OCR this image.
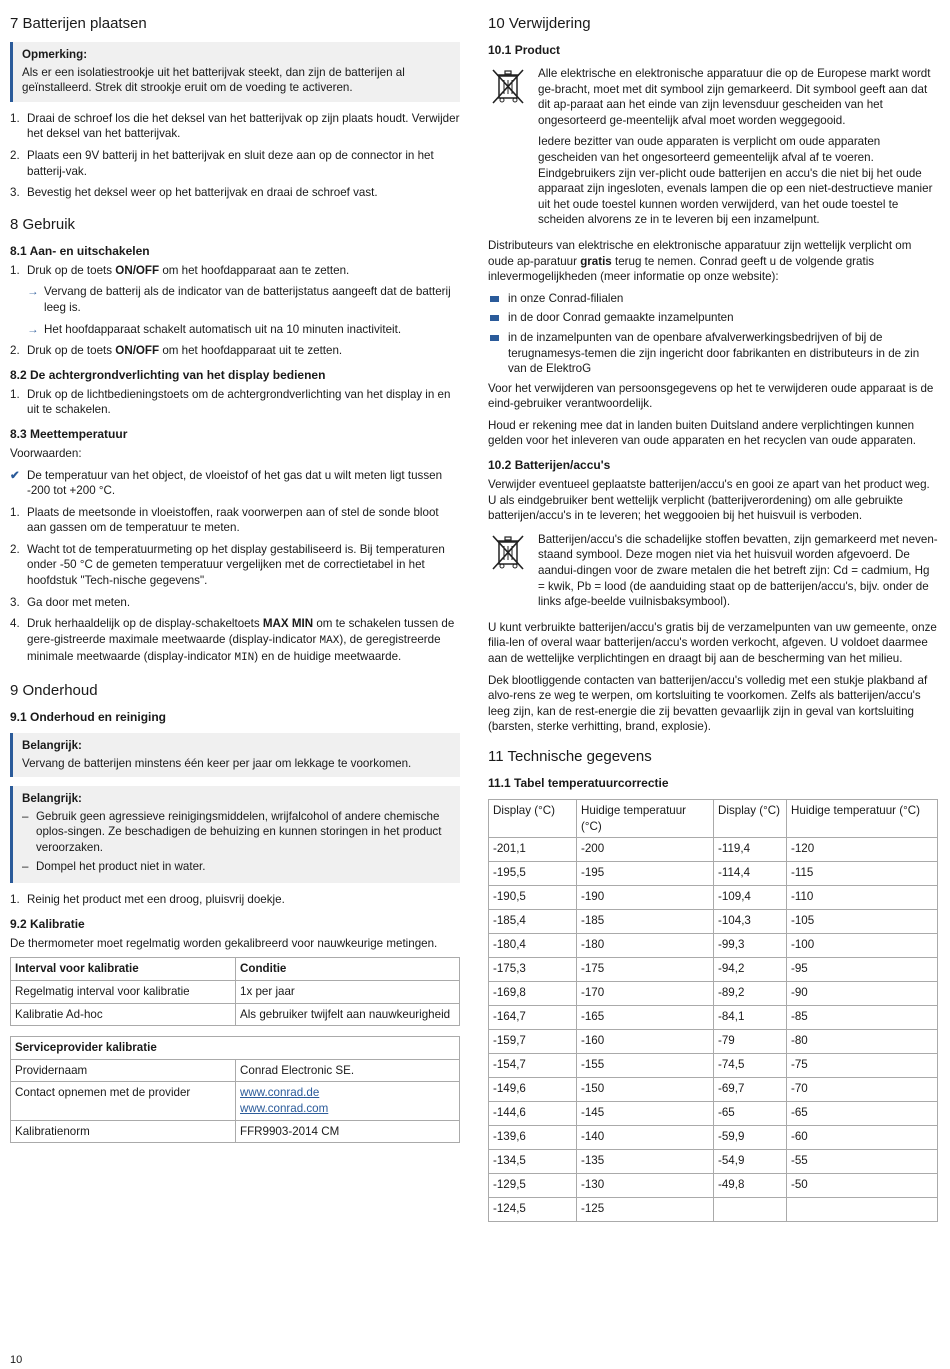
7 Batterijen plaatsen
Opmerking:
Als er een isolatiestrookje uit het batterijvak steekt, dan zijn de batterijen al geïnstalleerd. Strek dit strookje eruit om de voeding te activeren.
1. Draai de schroef los die het deksel van het batterijvak op zijn plaats houdt. Verwijder het deksel van het batterijvak.
2. Plaats een 9V batterij in het batterijvak en sluit deze aan op de connector in het batterij-vak.
3. Bevestig het deksel weer op het batterijvak en draai de schroef vast.
8 Gebruik
8.1 Aan- en uitschakelen
1. Druk op de toets ON/OFF om het hoofdapparaat aan te zetten.
→ Vervang de batterij als de indicator van de batterijstatus aangeeft dat de batterij leeg is.
→ Het hoofdapparaat schakelt automatisch uit na 10 minuten inactiviteit.
2. Druk op de toets ON/OFF om het hoofdapparaat uit te zetten.
8.2 De achtergrondverlichting van het display bedienen
1. Druk op de lichtbedieningstoets om de achtergrondverlichting van het display in en uit te schakelen.
8.3 Meettemperatuur

Voorwaarden:

✔ De temperatuur van het object, de vloeistof of het gas dat u wilt meten ligt tussen -200 tot +200 °C.
1. Plaats de meetsonde in vloeistoffen, raak voorwerpen aan of stel de sonde bloot aan gassen om de temperatuur te meten.
2. Wacht tot de temperatuurmeting op het display gestabiliseerd is. Bij temperaturen onder -50 °C de gemeten temperatuur vergelijken met de correctietabel in het hoofdstuk "Tech-nische gegevens".
3. Ga door met meten.
4. Druk herhaaldelijk op de display-schakeltoets MAX MIN om te schakelen tussen de gere-gistreerde maximale meetwaarde (display-indicator MAX), de geregistreerde minimale meetwaarde (display-indicator MIN) en de huidige meetwaarde.
9 Onderhoud
9.1 Onderhoud en reiniging
Belangrijk:
Vervang de batterijen minstens één keer per jaar om lekkage te voorkomen.
Belangrijk:
– Gebruik geen agressieve reinigingsmiddelen, wrijfalcohol of andere chemische oplos-singen. Ze beschadigen de behuizing en kunnen storingen in het product veroorzaken.
– Dompel het product niet in water.
1. Reinig het product met een droog, pluisvrij doekje.
9.2 Kalibratie

De thermometer moet regelmatig worden gekalibreerd voor nauwkeurige metingen.

Interval voor kalibratie	Conditie
Regelmatig interval voor kalibratie	1x per jaar
Kalibratie Ad-hoc	Als gebruiker twijfelt aan nauwkeurigheid
Serviceprovider kalibratie	
Providernaam	Conrad Electronic SE.
Contact opnemen met de provider	www.conrad.de
www.conrad.com
Kalibratienorm	FFR9903-2014 CM
10 Verwijdering
10.1 Product

Alle elektrische en elektronische apparatuur die op de Europese markt wordt ge-bracht, moet met dit symbool zijn gemarkeerd. Dit symbool geeft aan dat dit ap-paraat aan het einde van zijn levensduur gescheiden van het ongesorteerd ge-meentelijk afval moet worden weggegooid.

Iedere bezitter van oude apparaten is verplicht om oude apparaten gescheiden van het ongesorteerd gemeentelijk afval af te voeren. Eindgebruikers zijn ver-plicht oude batterijen en accu's die niet bij het oude apparaat zijn ingesloten, evenals lampen die op een niet-destructieve manier uit het oude toestel kunnen worden verwijderd, van het oude toestel te scheiden alvorens ze in te leveren bij een inzamelpunt.

Distributeurs van elektrische en elektronische apparatuur zijn wettelijk verplicht om oude ap-paratuur gratis terug te nemen. Conrad geeft u de volgende gratis inlevermogelijkheden (meer informatie op onze website):

in onze Conrad-filialen
in de door Conrad gemaakte inzamelpunten
in de inzamelpunten van de openbare afvalverwerkingsbedrijven of bij de terugnamesys-temen die zijn ingericht door fabrikanten en distributeurs in de zin van de ElektroG

Voor het verwijderen van persoonsgegevens op het te verwijderen oude apparaat is de eind-gebruiker verantwoordelijk.

Houd er rekening mee dat in landen buiten Duitsland andere verplichtingen kunnen gelden voor het inleveren van oude apparaten en het recyclen van oude apparaten.

10.2 Batterijen/accu's

Verwijder eventueel geplaatste batterijen/accu's en gooi ze apart van het product weg. U als eindgebruiker bent wettelijk verplicht (batterijverordening) om alle gebruikte batterijen/accu's in te leveren; het weggooien bij het huisvuil is verboden.

Batterijen/accu's die schadelijke stoffen bevatten, zijn gemarkeerd met neven-staand symbool. Deze mogen niet via het huisvuil worden afgevoerd. De aandui-dingen voor de zware metalen die het betreft zijn: Cd = cadmium, Hg = kwik, Pb = lood (de aanduiding staat op de batterijen/accu's, bijv. onder de links afge-beelde vuilnisbaksymbool).

U kunt verbruikte batterijen/accu's gratis bij de verzamelpunten van uw gemeente, onze filia-len of overal waar batterijen/accu's worden verkocht, afgeven. U voldoet daarmee aan de wettelijke verplichtingen en draagt bij aan de bescherming van het milieu.

Dek blootliggende contacten van batterijen/accu's volledig met een stukje plakband af alvo-rens ze weg te werpen, om kortsluiting te voorkomen. Zelfs als batterijen/accu's leeg zijn, kan de rest-energie die zij bevatten gevaarlijk zijn in geval van kortsluiting (barsten, sterke verhitting, brand, explosie).

11 Technische gegevens
11.1 Tabel temperatuurcorrectie
Display (°C)	Huidige temperatuur (°C)	Display (°C)	Huidige temperatuur (°C)
-201,1	-200	-119,4	-120
-195,5	-195	-114,4	-115
-190,5	-190	-109,4	-110
-185,4	-185	-104,3	-105
-180,4	-180	-99,3	-100
-175,3	-175	-94,2	-95
-169,8	-170	-89,2	-90
-164,7	-165	-84,1	-85
-159,7	-160	-79	-80
-154,7	-155	-74,5	-75
-149,6	-150	-69,7	-70
-144,6	-145	-65	-65
-139,6	-140	-59,9	-60
-134,5	-135	-54,9	-55
-129,5	-130	-49,8	-50
-124,5	-125		
10
